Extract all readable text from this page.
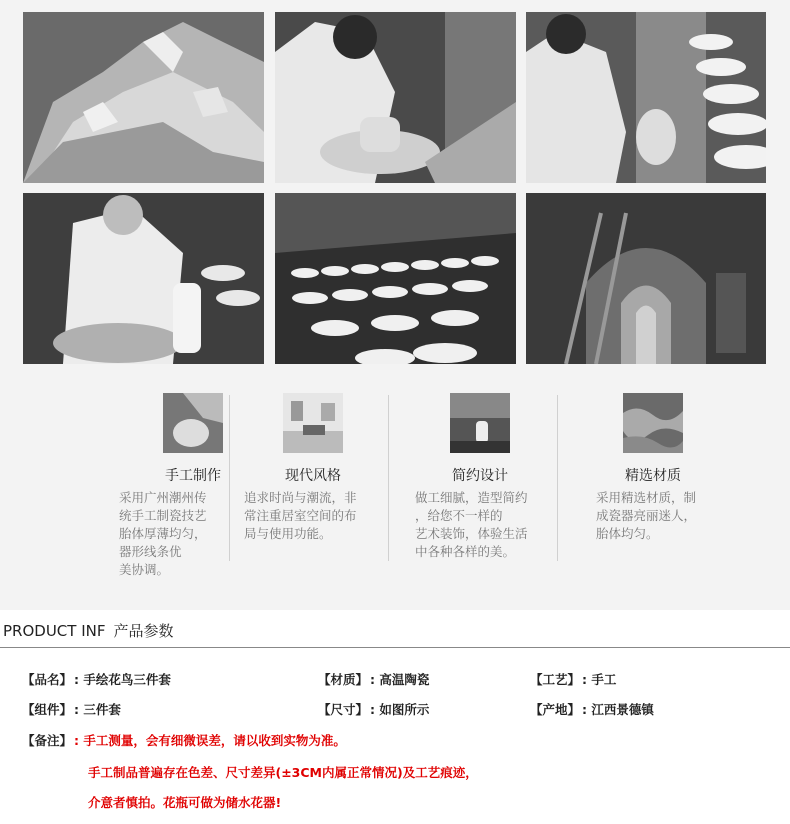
手工制作
采用广州潮州传
统手工制瓷技艺
胎体厚薄均匀，
器形线条优
美协调。
现代风格
追求时尚与潮流，非
常注重居室空间的布
局与使用功能。
简约设计
做工细腻，造型简约
，给您不一样的
艺术装饰，体验生活
中各种各样的美。
精选材质
采用精选材质，制
成瓷器亮丽迷人，
胎体均匀。
PRODUCT INF 产品参数
【品名】 : 手绘花鸟三件套	【材质】 : 高温陶瓷	【工艺】 : 手工
【组件】 : 三件套	【尺寸】 : 如图所示	【产地】 : 江西景德镇
【备注】 : 手工测量，会有细微误差，请以收到实物为准。
手工制品普遍存在色差、尺寸差异(±3CM内属正常情况)及工艺痕迹，
介意者慎拍。花瓶可做为储水花器!
